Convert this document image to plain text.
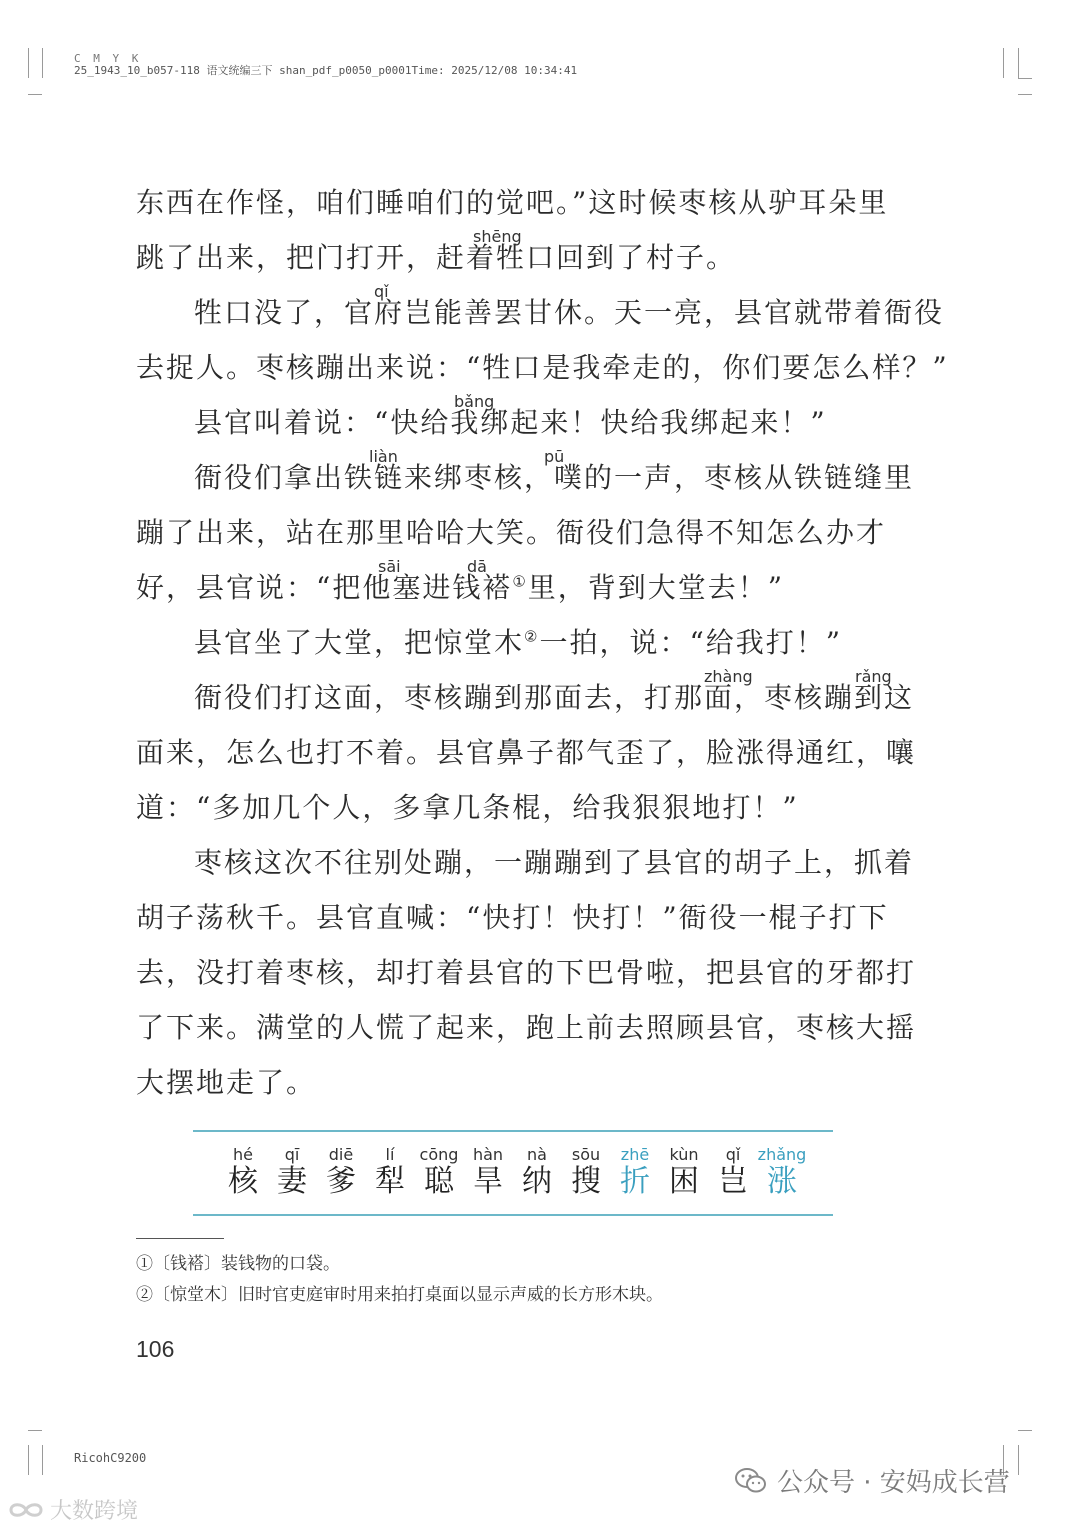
C M Y K
25_1943_10_b057-118 语文统编三下 shan_pdf_p0050_p0001Time: 2025/12/08 10:34:41
东西在作怪，咱们睡咱们的觉吧。”这时候枣核从驴耳朵里
跳了出来，把门打开，赶着牲口回到了村子。
shēng
牲口没了，官府岂能善罢甘休。天一亮，县官就带着衙役
qǐ
去捉人。枣核蹦出来说：“牲口是我牵走的，你们要怎么样？”
县官叫着说：“快给我绑起来！快给我绑起来！”
bǎng
衙役们拿出铁链来绑枣核，噗的一声，枣核从铁链缝里
liàn	pū
蹦了出来，站在那里哈哈大笑。衙役们急得不知怎么办才
好，县官说：“把他塞进钱褡①里，背到大堂去！”
sāi	dā
县官坐了大堂，把惊堂木②一拍，说：“给我打！”
衙役们打这面，枣核蹦到那面去，打那面，枣核蹦到这
zhàng	rǎng
面来，怎么也打不着。县官鼻子都气歪了，脸涨得通红，嚷
道：“多加几个人，多拿几条棍，给我狠狠地打！”
枣核这次不往别处蹦，一蹦蹦到了县官的胡子上，抓着
胡子荡秋千。县官直喊：“快打！快打！”衙役一棍子打下
去，没打着枣核，却打着县官的下巴骨啦，把县官的牙都打
了下来。满堂的人慌了起来，跑上前去照顾县官，枣核大摇
大摆地走了。
hé
核
qī
妻
diē
爹
lí
犁
cōng
聪
hàn
旱
nà
纳
sōu
搜
zhē
折
kùn
困
qǐ
岂
zhǎng
涨
①〔钱褡〕装钱物的口袋。
②〔惊堂木〕旧时官吏庭审时用来拍打桌面以显示声威的长方形木块。
106
RicohC9200
公众号 · 安妈成长营
大数跨境
